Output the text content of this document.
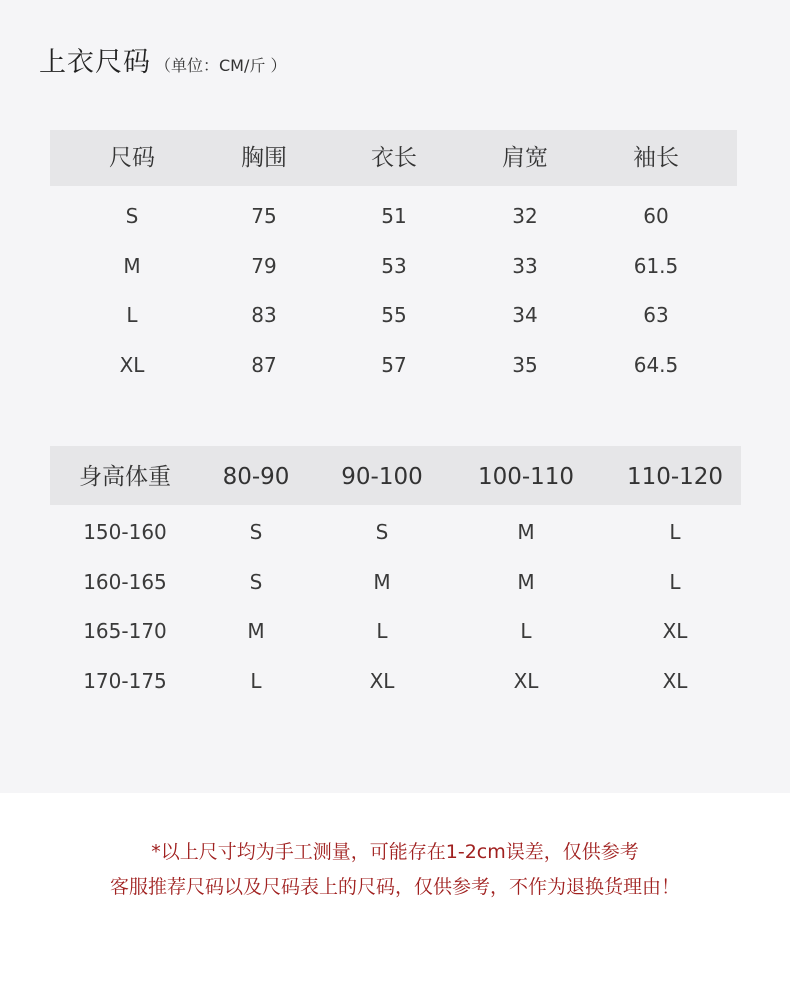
上衣尺码 （单位：CM/斤 ）
尺码	胸围	衣长	肩宽	袖长
S	75	51	32	60
M	79	53	33	61.5
L	83	55	34	63
XL	87	57	35	64.5
身高体重 80-90 90-100 100-110 110-120
150-160	S	S	M	L
160-165	S	M	M	L
165-170	M	L	L	XL
170-175	L	XL	XL	XL
*以上尺寸均为手工测量，可能存在1-2cm误差，仅供参考
客服推荐尺码以及尺码表上的尺码，仅供参考，不作为退换货理由！
